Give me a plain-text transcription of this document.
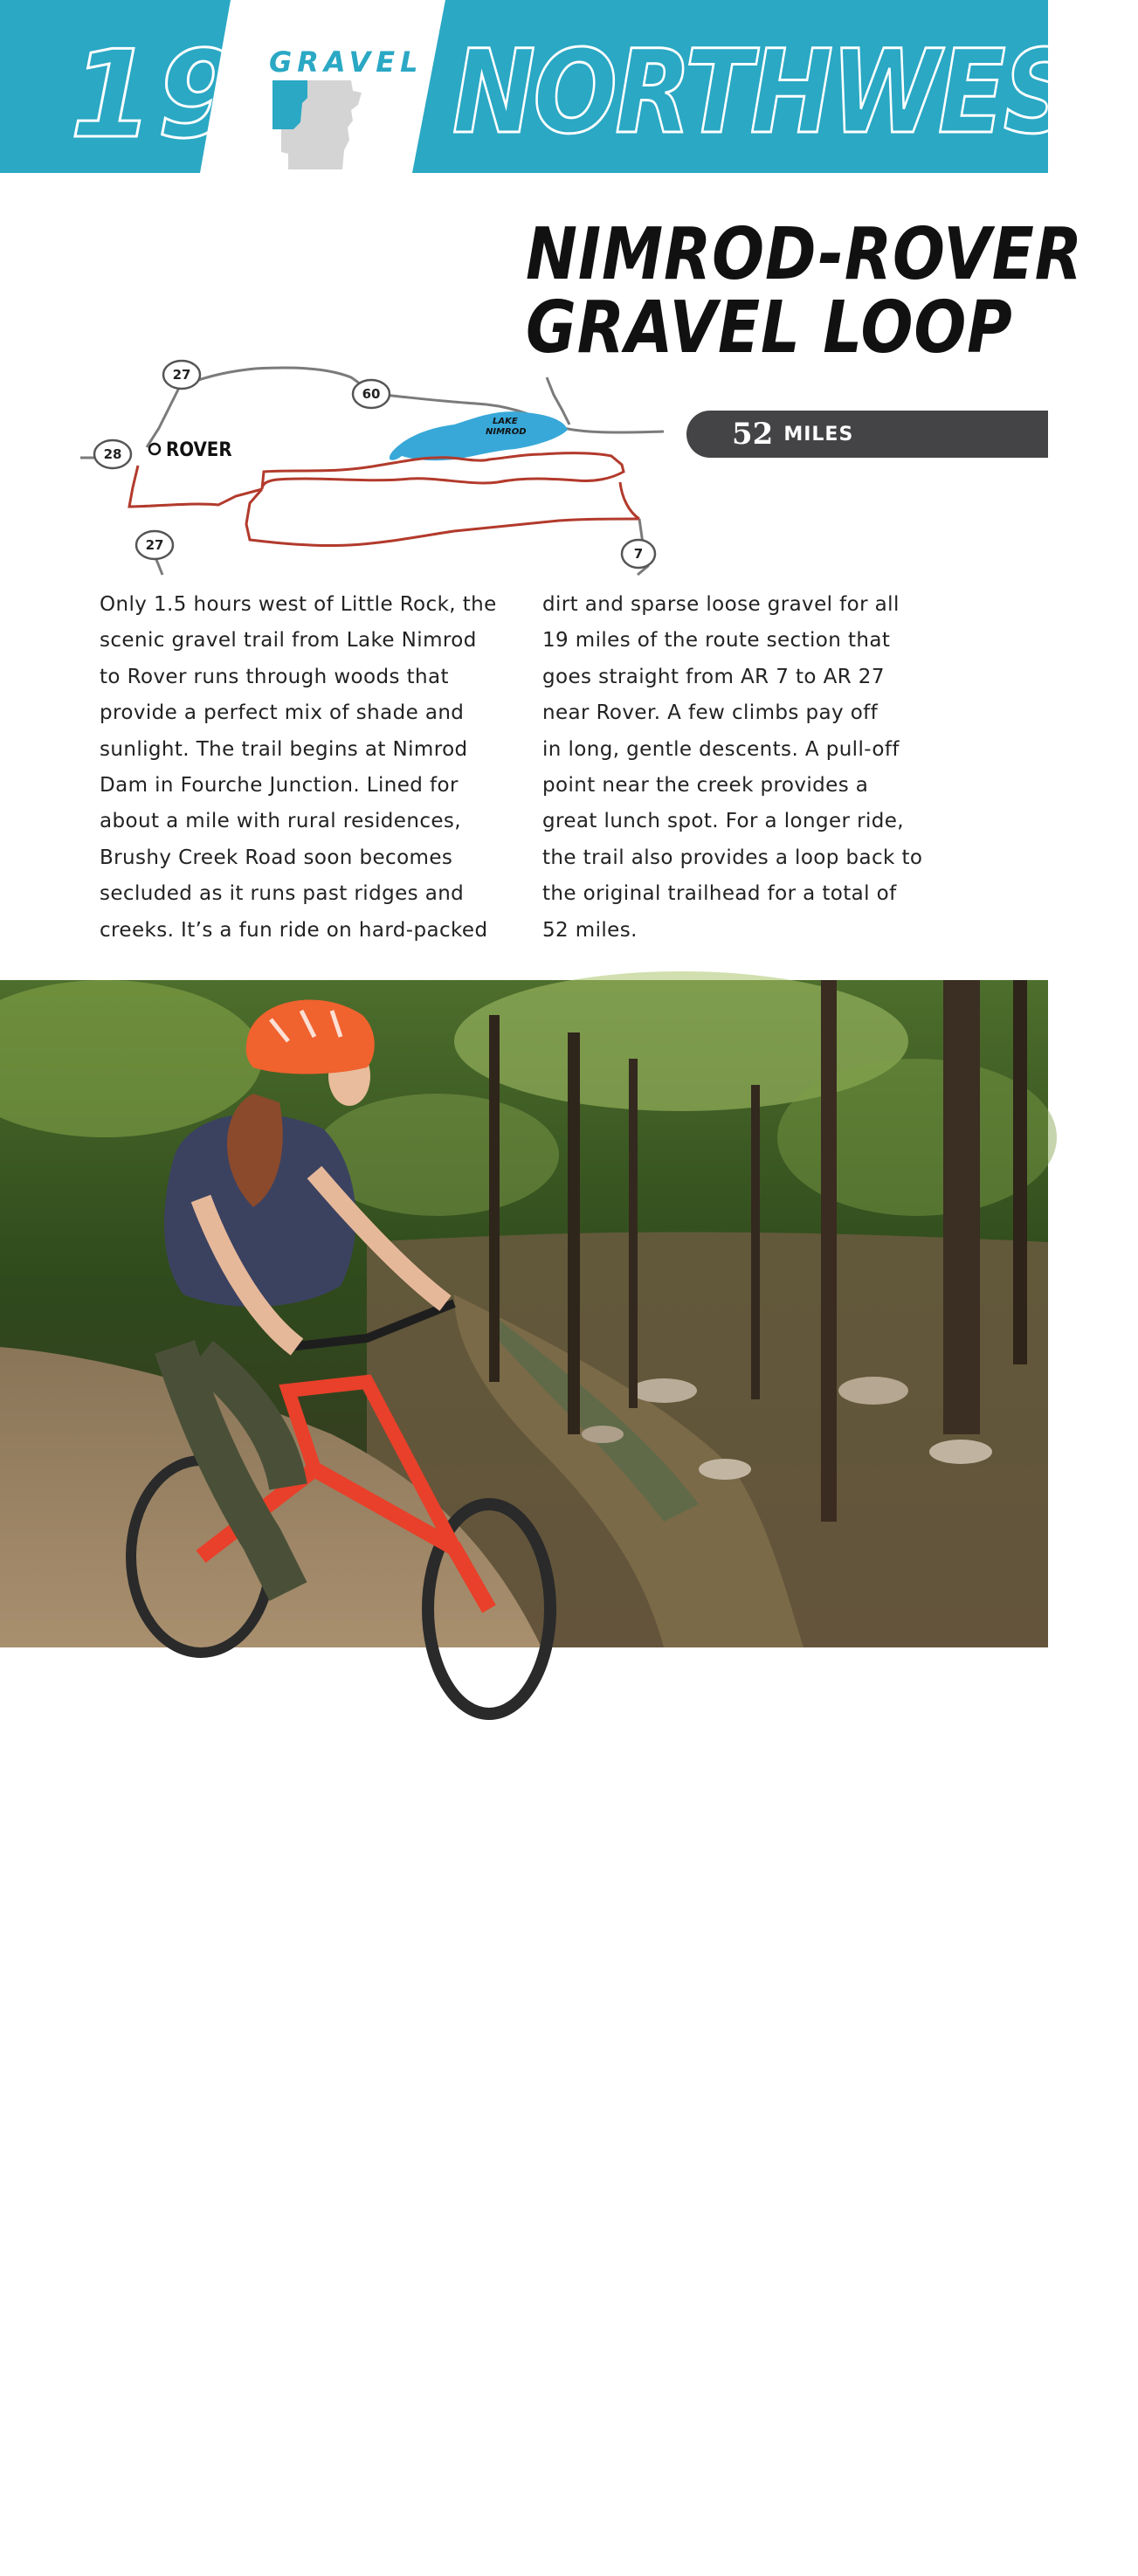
19 GRAVEL NORTHWEST
NIMROD-ROVER
GRAVEL LOOP
52 MILES
LAKE
NIMROD
ROVER
27
60
28
27
7
Only 1.5 hours west of Little Rock, the
scenic gravel trail from Lake Nimrod
to Rover runs through woods that
provide a perfect mix of shade and
sunlight. The trail begins at Nimrod
Dam in Fourche Junction. Lined for
about a mile with rural residences,
Brushy Creek Road soon becomes
secluded as it runs past ridges and
creeks. It’s a fun ride on hard-packed
dirt and sparse loose gravel for all
19 miles of the route section that
goes straight from AR 7 to AR 27
near Rover. A few climbs pay off
in long, gentle descents. A pull-off
point near the creek provides a
great lunch spot. For a longer ride,
the trail also provides a loop back to
the original trailhead for a total of
52 miles.
ARKANSAS.COM/CYCLING 67
